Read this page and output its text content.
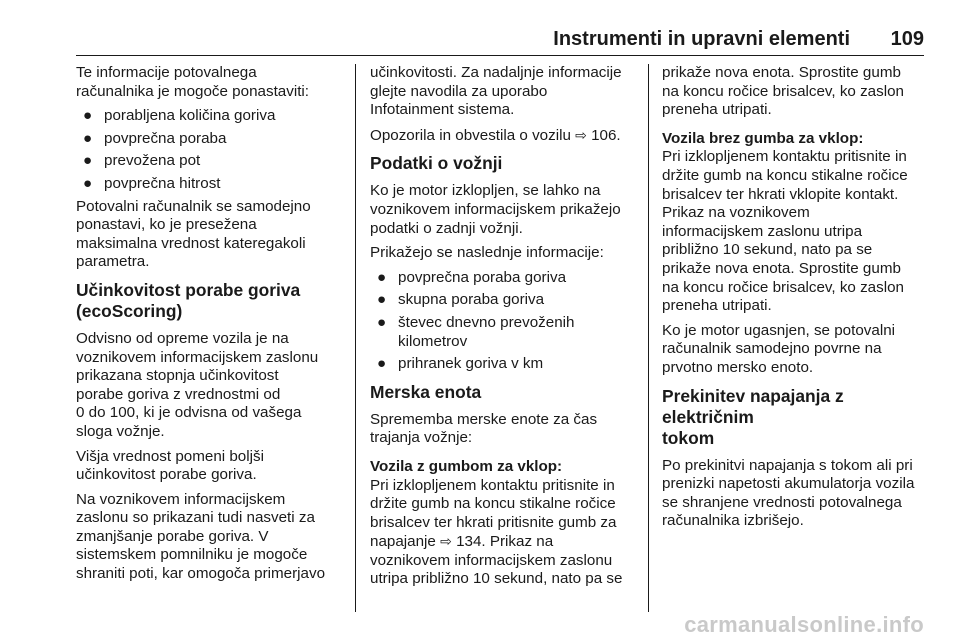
Instrumenti in upravni elementi 109

Te informacije potovalnega
računalnika je mogoče ponastaviti:

● porabljena količina goriva
● povprečna poraba
● prevožena pot
● povprečna hitrost

Potovalni računalnik se samodejno
ponastavi, ko je presežena
maksimalna vrednost kateregakoli
parametra.

Učinkovitost porabe goriva
(ecoScoring)

Odvisno od opreme vozila je na
voznikovem informacijskem zaslonu
prikazana stopnja učinkovitost
porabe goriva z vrednostmi od
0 do 100, ki je odvisna od vašega
sloga vožnje.

Višja vrednost pomeni boljši
učinkovitost porabe goriva.

Na voznikovem informacijskem
zaslonu so prikazani tudi nasveti za
zmanjšanje porabe goriva. V
sistemskem pomnilniku je mogoče
shraniti poti, kar omogoča primerjavo

učinkovitosti. Za nadaljnje informacije
glejte navodila za uporabo
Infotainment sistema.

Opozorila in obvestila o vozilu ⇨ 106.

Podatki o vožnji

Ko je motor izklopljen, se lahko na
voznikovem informacijskem prikažejo
podatki o zadnji vožnji.

Prikažejo se naslednje informacije:

● povprečna poraba goriva
● skupna poraba goriva
● števec dnevno prevoženih
kilometrov
● prihranek goriva v km
Merska enota

Sprememba merske enote za čas
trajanja vožnje:

Vozila z gumbom za vklop:

Pri izklopljenem kontaktu pritisnite in
držite gumb na koncu stikalne ročice
brisalcev ter hkrati pritisnite gumb za
napajanje ⇨ 134. Prikaz na
voznikovem informacijskem zaslonu
utripa približno 10 sekund, nato pa se

prikaže nova enota. Sprostite gumb
na koncu ročice brisalcev, ko zaslon
preneha utripati.

Vozila brez gumba za vklop:

Pri izklopljenem kontaktu pritisnite in
držite gumb na koncu stikalne ročice
brisalcev ter hkrati vklopite kontakt.
Prikaz na voznikovem
informacijskem zaslonu utripa
približno 10 sekund, nato pa se
prikaže nova enota. Sprostite gumb
na koncu ročice brisalcev, ko zaslon
preneha utripati.

Ko je motor ugasnjen, se potovalni
računalnik samodejno povrne na
prvotno mersko enoto.

Prekinitev napajanja z električnim
tokom

Po prekinitvi napajanja s tokom ali pri
prenizki napetosti akumulatorja vozila
se shranjene vrednosti potovalnega
računalnika izbrišejo.

carmanualsonline.info
